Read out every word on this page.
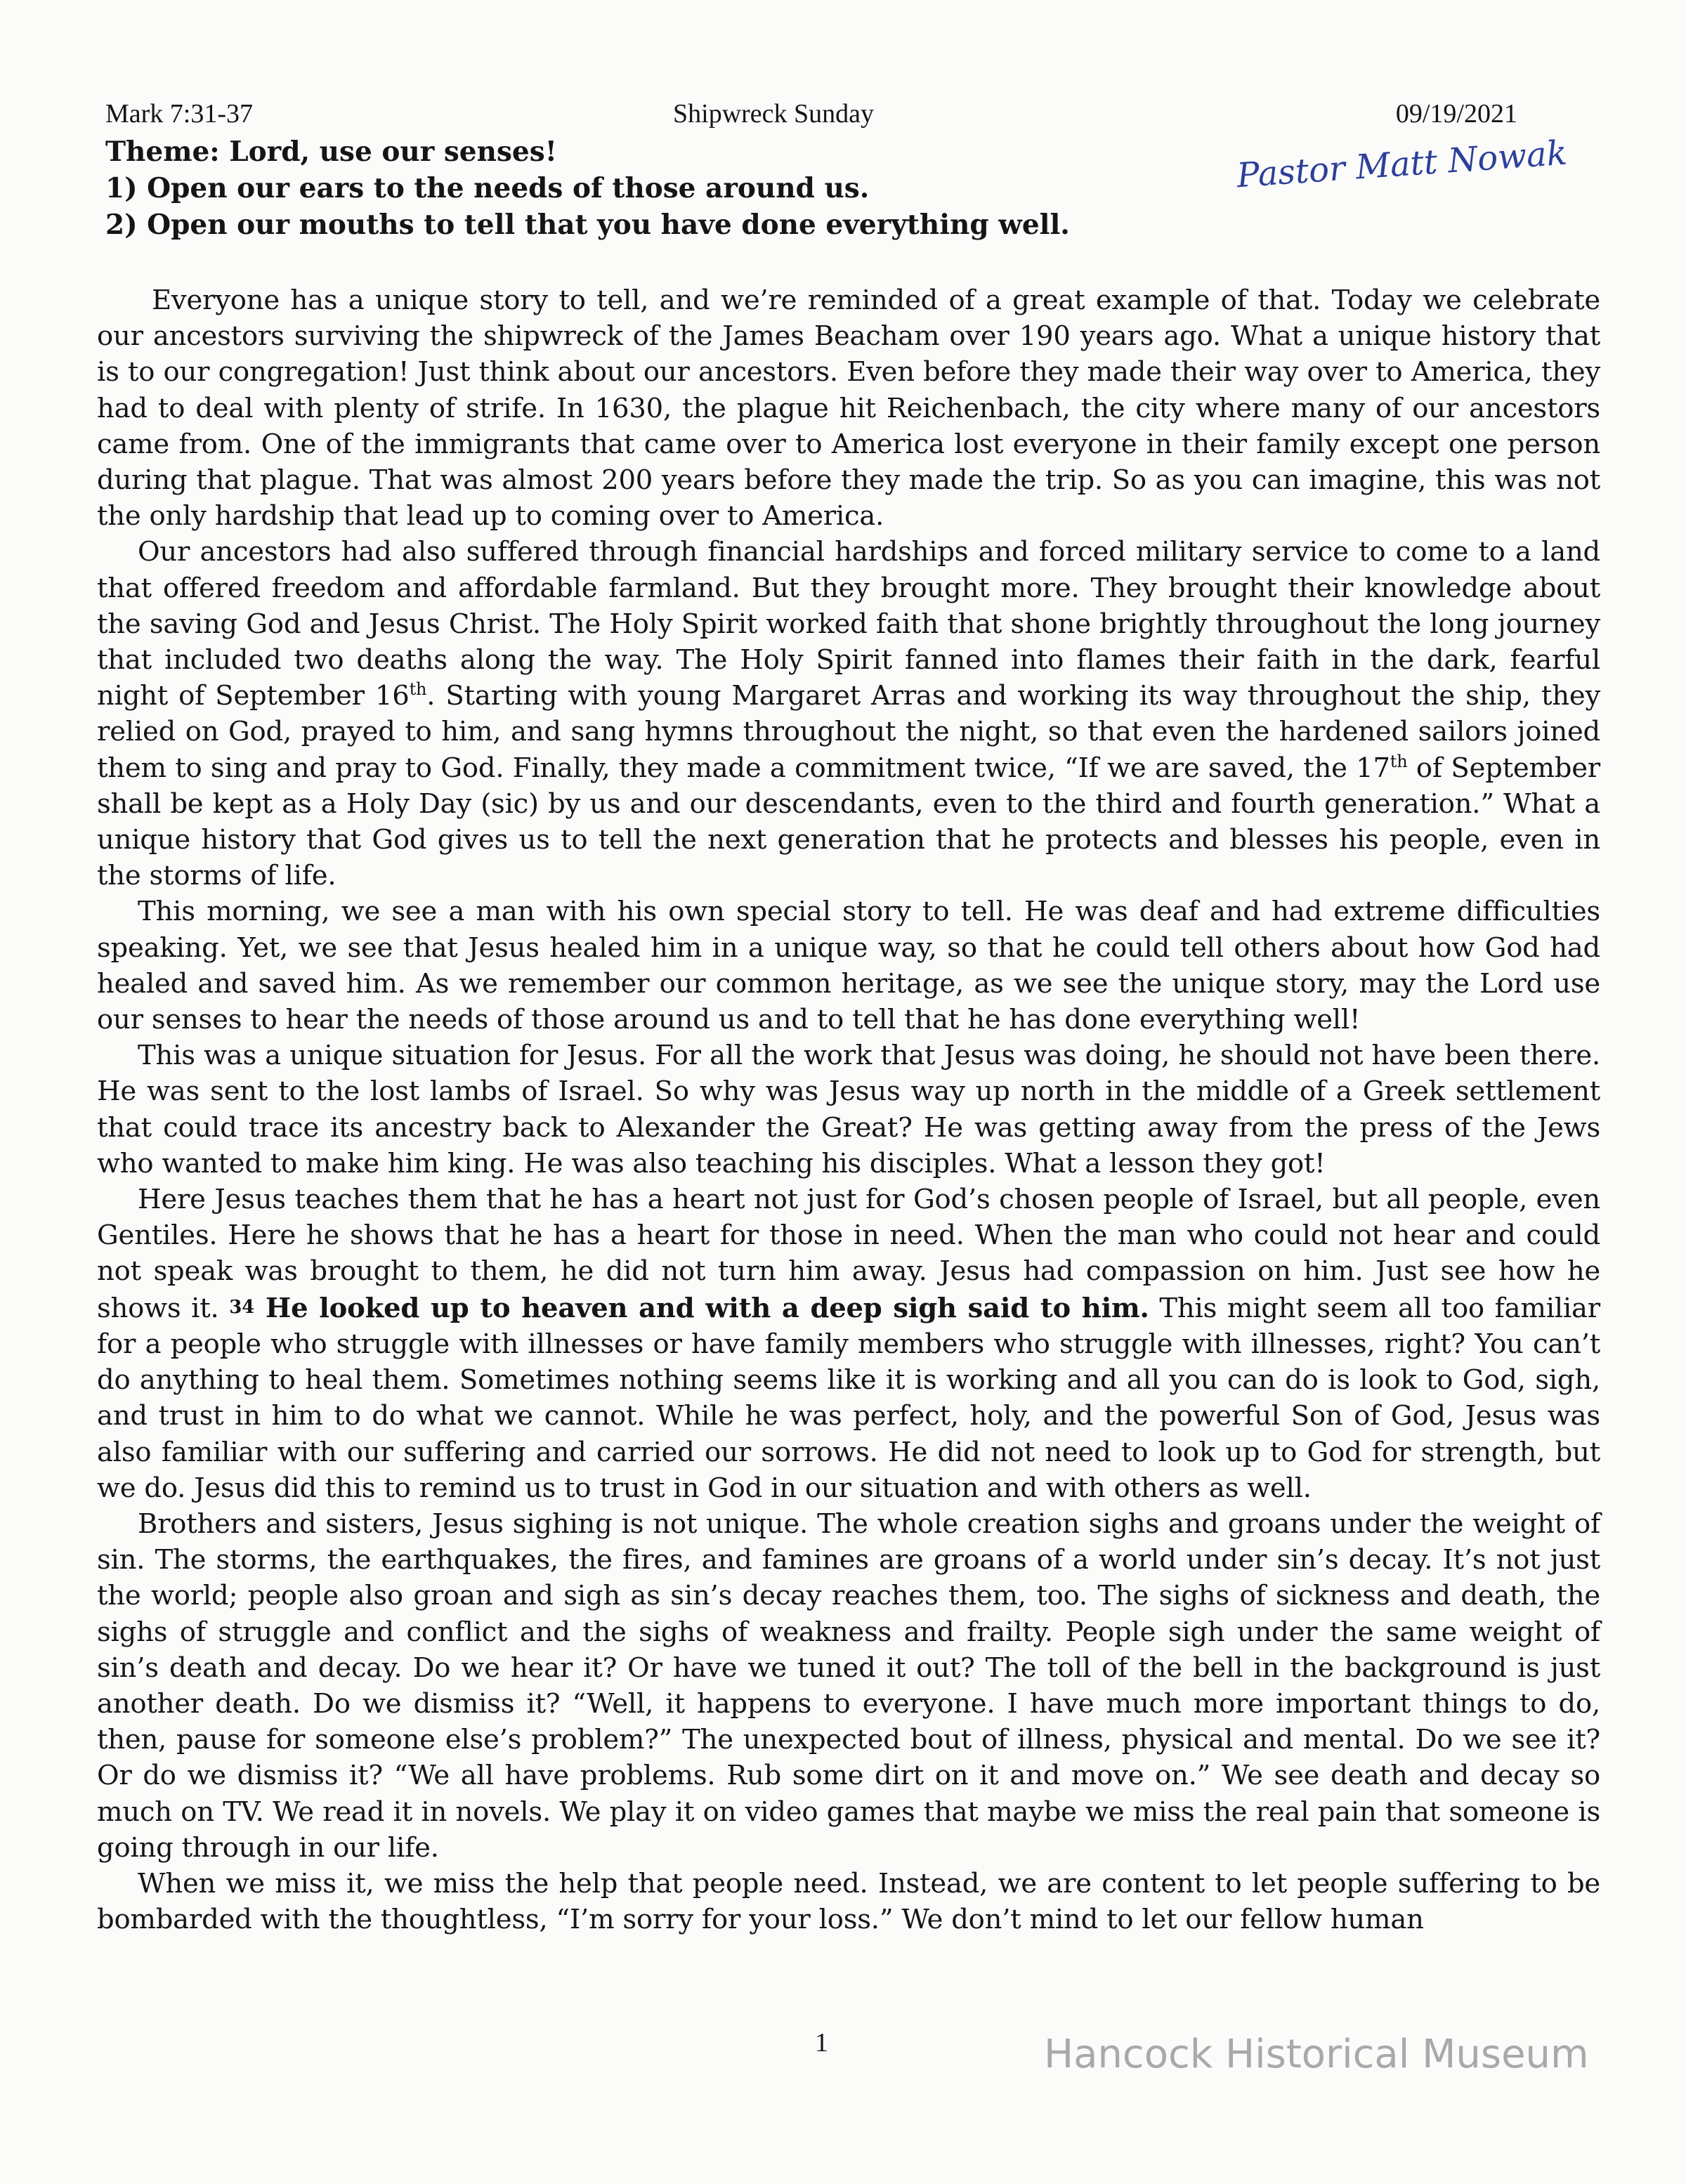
Mark 7:31-37	Shipwreck Sunday	09/19/2021
Theme: Lord, use our senses!
1) Open our ears to the needs of those around us.
2) Open our mouths to tell that you have done everything well.
Pastor Matt Nowak

Everyone has a unique story to tell, and we’re reminded of a great example of that. Today we celebrate our ancestors surviving the shipwreck of the James Beacham over 190 years ago. What a unique history that is to our congregation! Just think about our ancestors. Even before they made their way over to America, they had to deal with plenty of strife. In 1630, the plague hit Reichenbach, the city where many of our ancestors came from. One of the immigrants that came over to America lost everyone in their family except one person during that plague. That was almost 200 years before they made the trip. So as you can imagine, this was not the only hardship that lead up to coming over to America.

Our ancestors had also suffered through financial hardships and forced military service to come to a land that offered freedom and affordable farmland. But they brought more. They brought their knowledge about the saving God and Jesus Christ. The Holy Spirit worked faith that shone brightly throughout the long journey that included two deaths along the way. The Holy Spirit fanned into flames their faith in the dark, fearful night of September 16th. Starting with young Margaret Arras and working its way throughout the ship, they relied on God, prayed to him, and sang hymns throughout the night, so that even the hardened sailors joined them to sing and pray to God. Finally, they made a commitment twice, “If we are saved, the 17th of September shall be kept as a Holy Day (sic) by us and our descendants, even to the third and fourth generation.” What a unique history that God gives us to tell the next generation that he protects and blesses his people, even in the storms of life.

This morning, we see a man with his own special story to tell. He was deaf and had extreme difficulties speaking. Yet, we see that Jesus healed him in a unique way, so that he could tell others about how God had healed and saved him. As we remember our common heritage, as we see the unique story, may the Lord use our senses to hear the needs of those around us and to tell that he has done everything well!

This was a unique situation for Jesus. For all the work that Jesus was doing, he should not have been there. He was sent to the lost lambs of Israel. So why was Jesus way up north in the middle of a Greek settlement that could trace its ancestry back to Alexander the Great? He was getting away from the press of the Jews who wanted to make him king. He was also teaching his disciples. What a lesson they got!

Here Jesus teaches them that he has a heart not just for God’s chosen people of Israel, but all people, even Gentiles. Here he shows that he has a heart for those in need. When the man who could not hear and could not speak was brought to them, he did not turn him away. Jesus had compassion on him. Just see how he shows it. 34 He looked up to heaven and with a deep sigh said to him. This might seem all too familiar for a people who struggle with illnesses or have family members who struggle with illnesses, right? You can’t do anything to heal them. Sometimes nothing seems like it is working and all you can do is look to God, sigh, and trust in him to do what we cannot. While he was perfect, holy, and the powerful Son of God, Jesus was also familiar with our suffering and carried our sorrows. He did not need to look up to God for strength, but we do. Jesus did this to remind us to trust in God in our situation and with others as well.

Brothers and sisters, Jesus sighing is not unique. The whole creation sighs and groans under the weight of sin. The storms, the earthquakes, the fires, and famines are groans of a world under sin’s decay. It’s not just the world; people also groan and sigh as sin’s decay reaches them, too. The sighs of sickness and death, the sighs of struggle and conflict and the sighs of weakness and frailty. People sigh under the same weight of sin’s death and decay. Do we hear it? Or have we tuned it out? The toll of the bell in the background is just another death. Do we dismiss it? “Well, it happens to everyone. I have much more important things to do, then, pause for someone else’s problem?” The unexpected bout of illness, physical and mental. Do we see it? Or do we dismiss it? “We all have problems. Rub some dirt on it and move on.” We see death and decay so much on TV. We read it in novels. We play it on video games that maybe we miss the real pain that someone is going through in our life.

When we miss it, we miss the help that people need. Instead, we are content to let people suffering to be bombarded with the thoughtless, “I’m sorry for your loss.” We don’t mind to let our fellow human

1	Hancock Historical Museum
